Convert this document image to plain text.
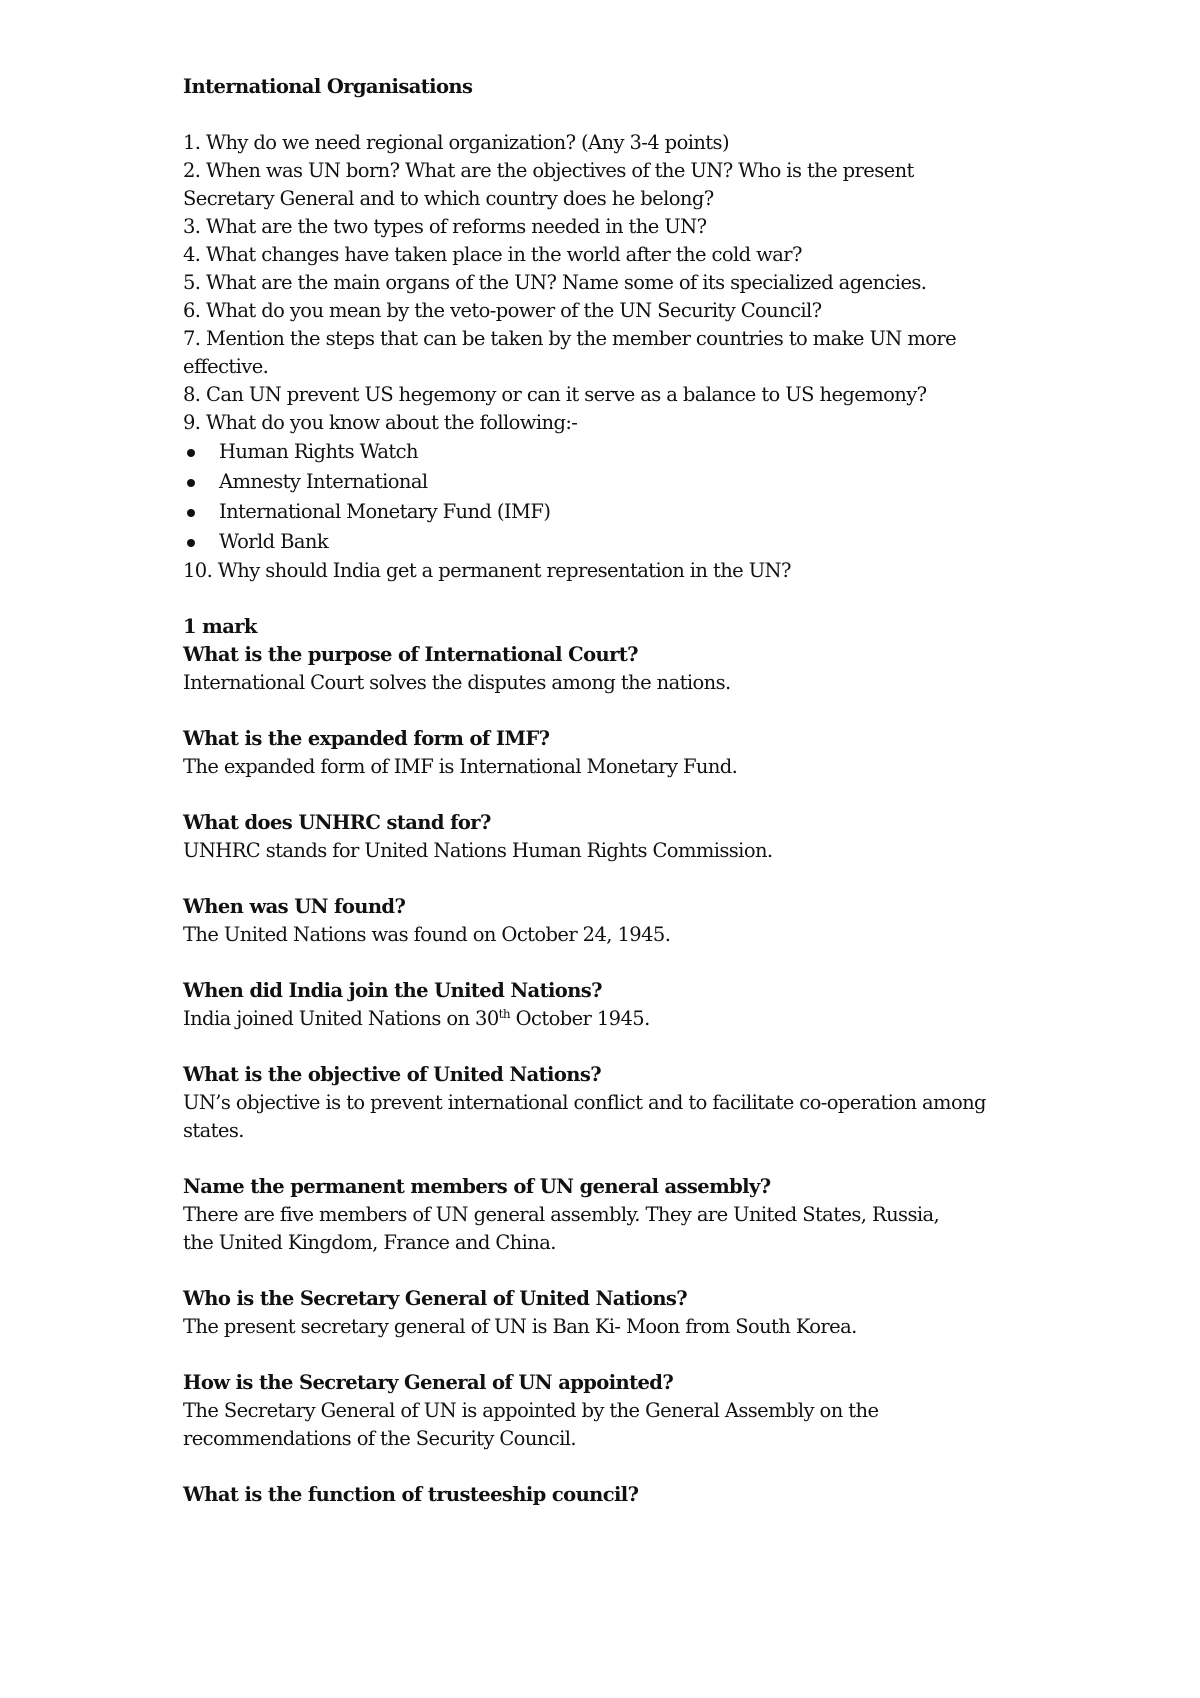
International Organisations
1. Why do we need regional organization? (Any 3-4 points)
2. When was UN born? What are the objectives of the UN? Who is the present
Secretary General and to which country does he belong?
3. What are the two types of reforms needed in the UN?
4. What changes have taken place in the world after the cold war?
5. What are the main organs of the UN? Name some of its specialized agencies.
6. What do you mean by the veto-power of the UN Security Council?
7. Mention the steps that can be taken by the member countries to make UN more
effective.
8. Can UN prevent US hegemony or can it serve as a balance to US hegemony?
9. What do you know about the following:-
Human Rights Watch
Amnesty International
International Monetary Fund (IMF)
World Bank
10. Why should India get a permanent representation in the UN?
1 mark
What is the purpose of International Court?
International Court solves the disputes among the nations.
What is the expanded form of IMF?
The expanded form of IMF is International Monetary Fund.
What does UNHRC stand for?
UNHRC stands for United Nations Human Rights Commission.
When was UN found?
The United Nations was found on October 24, 1945.
When did India join the United Nations?
India joined United Nations on 30th October 1945.
What is the objective of United Nations?
UN’s objective is to prevent international conflict and to facilitate co-operation among
states.
Name the permanent members of UN general assembly?
There are five members of UN general assembly. They are United States, Russia,
the United Kingdom, France and China.
Who is the Secretary General of United Nations?
The present secretary general of UN is Ban Ki- Moon from South Korea.
How is the Secretary General of UN appointed?
The Secretary General of UN is appointed by the General Assembly on the
recommendations of the Security Council.
What is the function of trusteeship council?
